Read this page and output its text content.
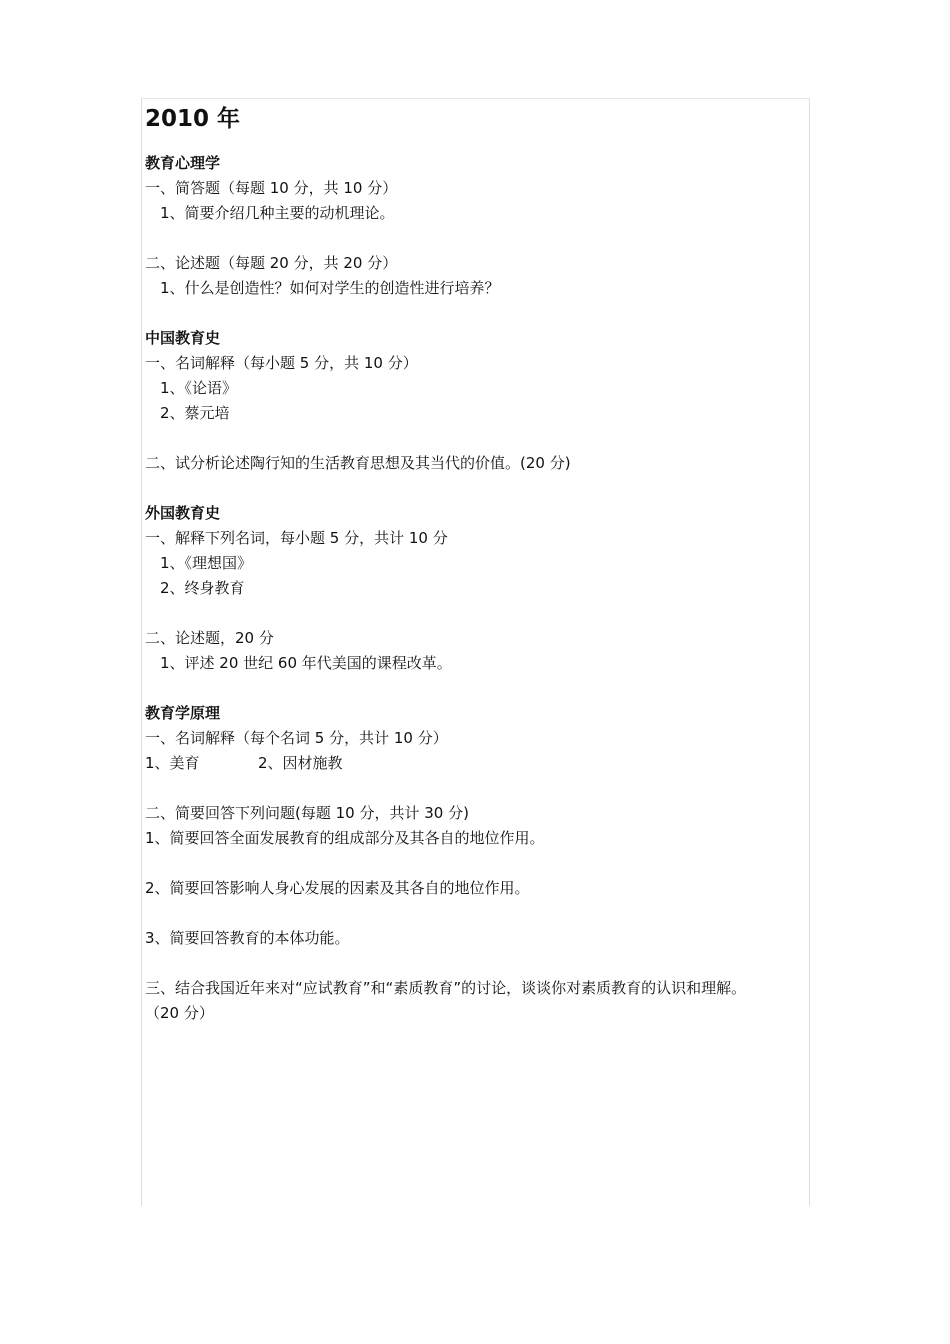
2010 年
教育心理学
一、简答题（每题 10 分，共 10 分）
1、简要介绍几种主要的动机理论。
二、论述题（每题 20 分，共 20 分）
1、什么是创造性？如何对学生的创造性进行培养？
中国教育史
一、名词解释（每小题 5 分，共 10 分）
1、《论语》
2、蔡元培
二、试分析论述陶行知的生活教育思想及其当代的价值。(20 分)
外国教育史
一、解释下列名词，每小题 5 分，共计 10 分
1、《理想国》
2、终身教育
二、论述题，20 分
1、评述 20 世纪 60 年代美国的课程改革。
教育学原理
一、名词解释（每个名词 5 分，共计 10 分）
1、美育	2、因材施教
二、简要回答下列问题(每题 10 分，共计 30 分)
1、简要回答全面发展教育的组成部分及其各自的地位作用。
2、简要回答影响人身心发展的因素及其各自的地位作用。
3、简要回答教育的本体功能。
三、结合我国近年来对“应试教育”和“素质教育”的讨论，谈谈你对素质教育的认识和理解。
（20 分）
